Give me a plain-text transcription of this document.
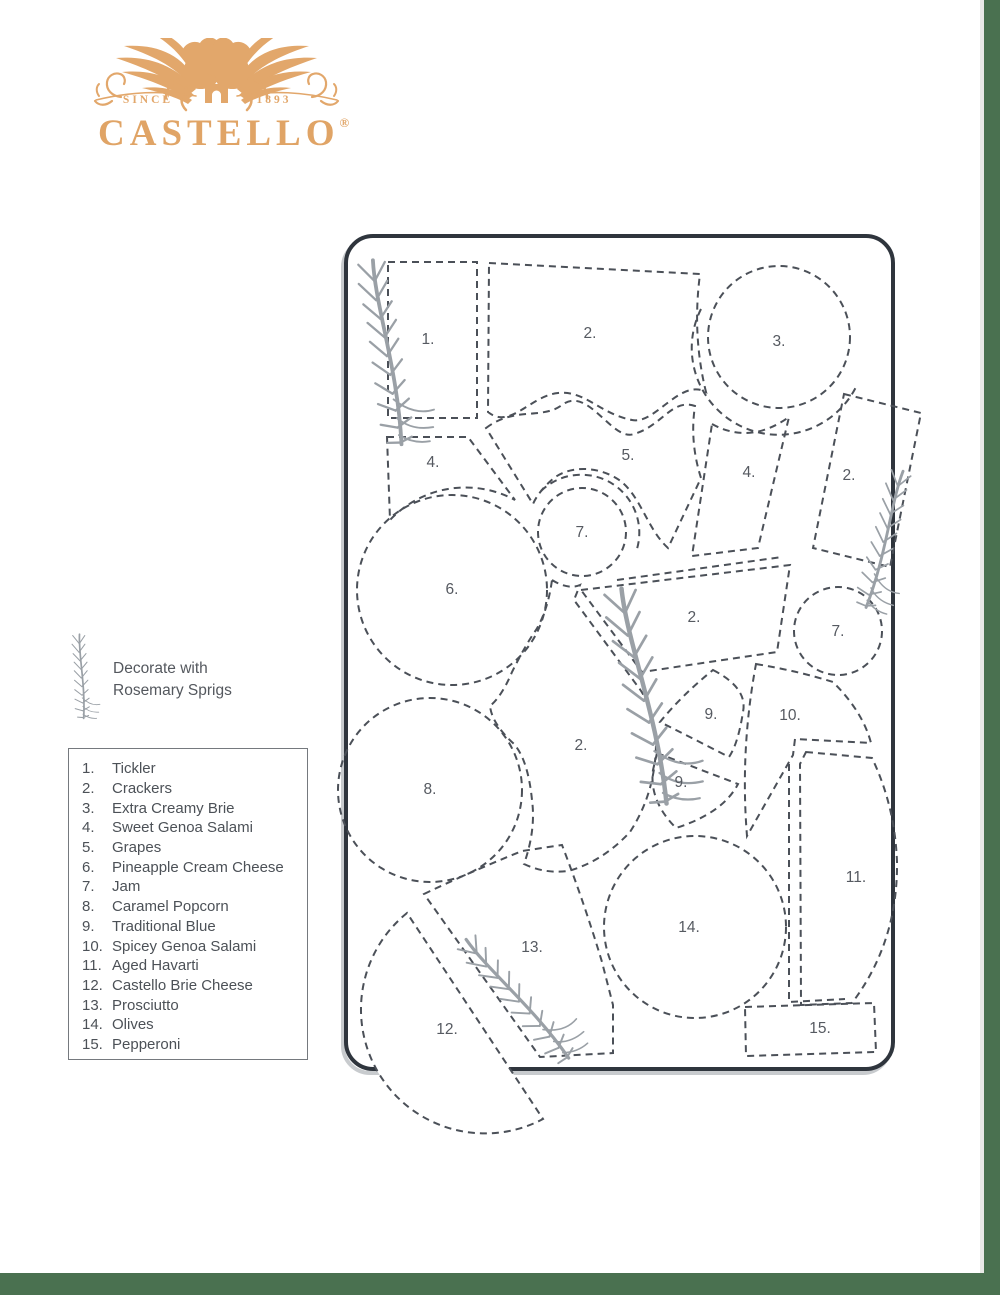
SINCE	1893
CASTELLO®
1.	2.	3.
4.	5.
4.	2.
7.
6.
2.
7.
2.
9.	10.
9.
8.
11.
13.
14.
12.	15.
Decorate with
Rosemary Sprigs
1.	Tickler
2.	Crackers
3.	Extra Creamy Brie
4.	Sweet Genoa Salami
5.	Grapes
6.	Pineapple Cream Cheese
7.	Jam
8.	Caramel Popcorn
9.	Traditional Blue
10. Spicey Genoa Salami
11. Aged Havarti
12. Castello Brie Cheese
13. Prosciutto
14. Olives
15. Pepperoni
